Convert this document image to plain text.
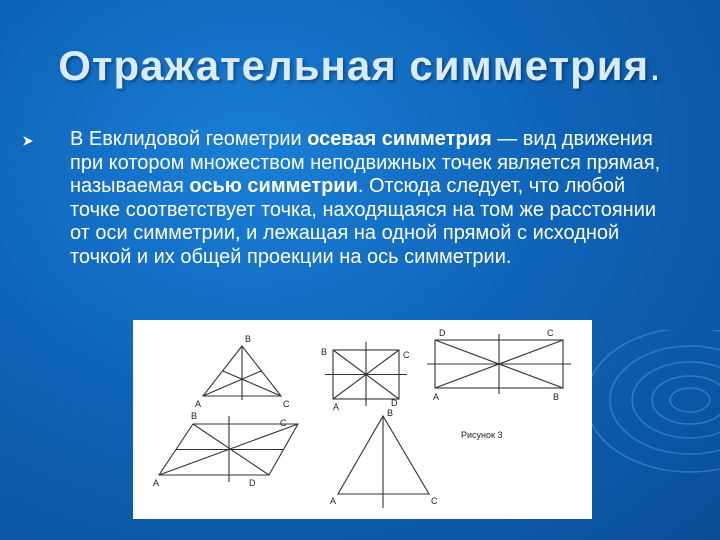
Отражательная симметрия.
В Евклидовой геометрии осевая симметрия — вид движения при котором множеством неподвижных точек является прямая, называемая осью симметрии. Отсюда следует, что любой точке соответствует точка, находящаяся на том же расстоянии от оси симметрии, и лежащая на одной прямой с исходной точкой и их общей проекции на ось симметрии.
B
A	C
B	C
A	D
D	C
A	B
B
C
A	D
B
A	C
Рисунок 3
